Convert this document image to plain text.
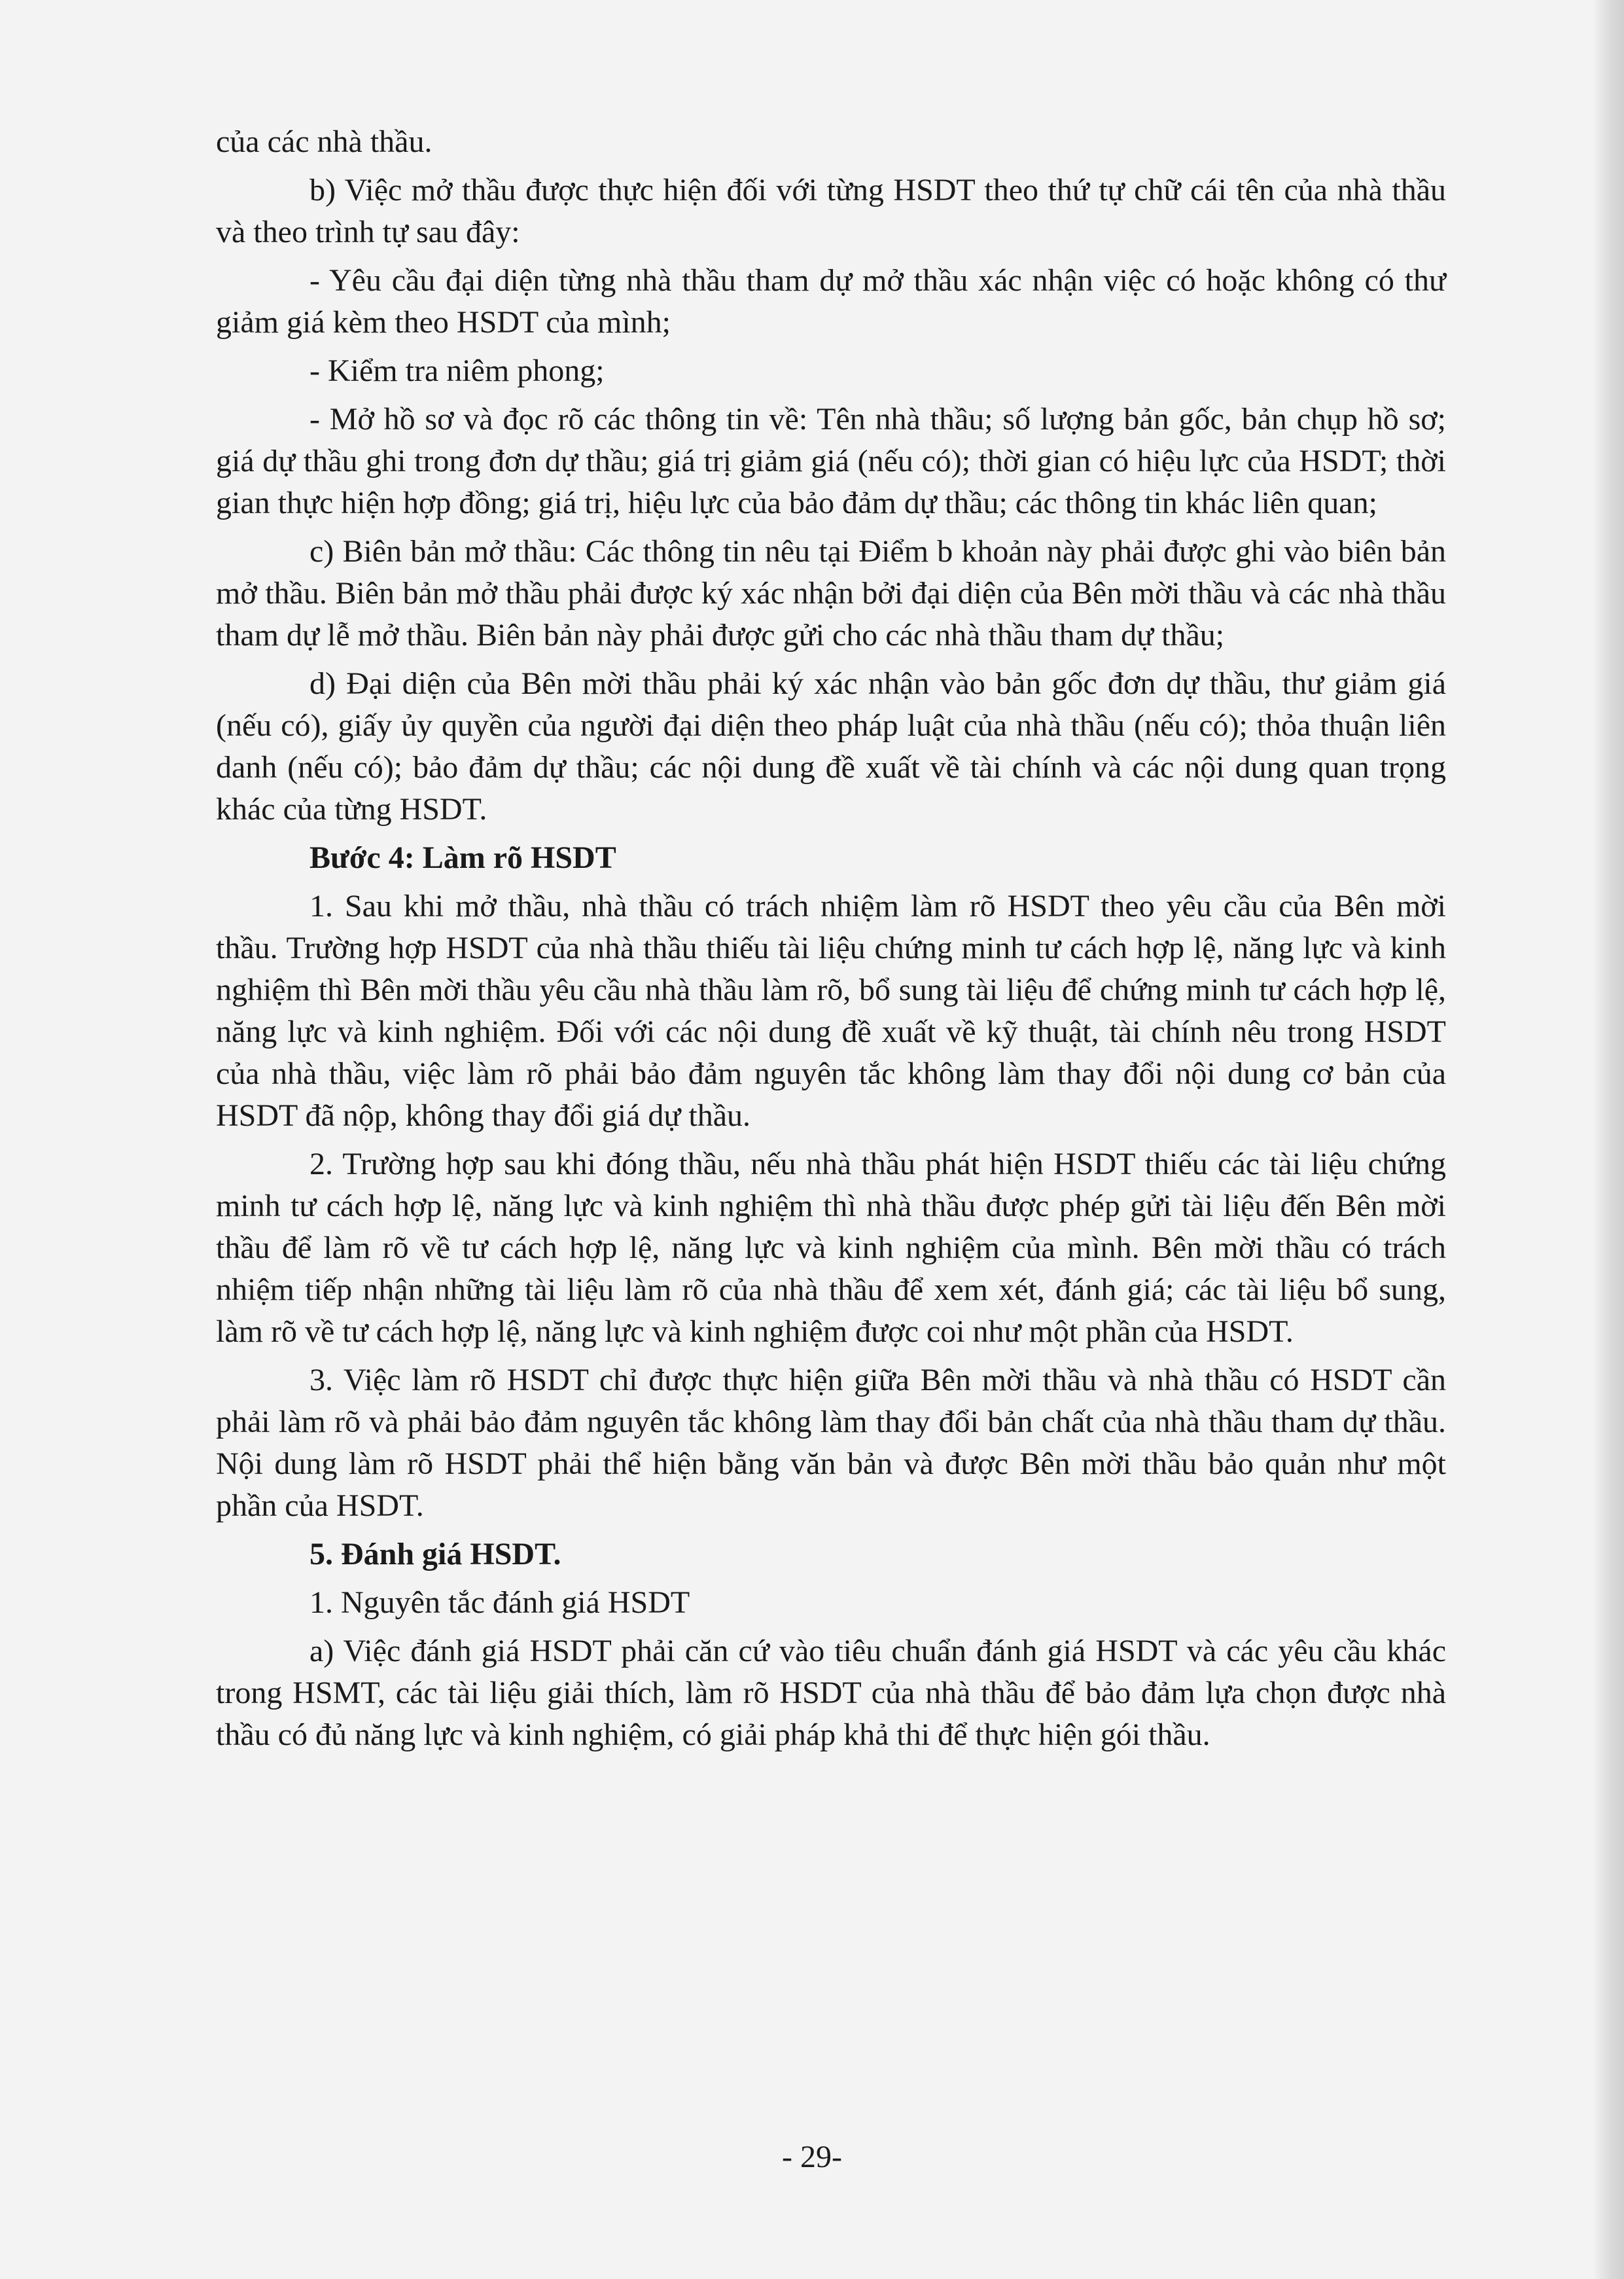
của các nhà thầu.

b) Việc mở thầu được thực hiện đối với từng HSDT theo thứ tự chữ cái tên của nhà thầu và theo trình tự sau đây:

- Yêu cầu đại diện từng nhà thầu tham dự mở thầu xác nhận việc có hoặc không có thư giảm giá kèm theo HSDT của mình;

- Kiểm tra niêm phong;

- Mở hồ sơ và đọc rõ các thông tin về: Tên nhà thầu; số lượng bản gốc, bản chụp hồ sơ; giá dự thầu ghi trong đơn dự thầu; giá trị giảm giá (nếu có); thời gian có hiệu lực của HSDT; thời gian thực hiện hợp đồng; giá trị, hiệu lực của bảo đảm dự thầu; các thông tin khác liên quan;

c) Biên bản mở thầu: Các thông tin nêu tại Điểm b khoản này phải được ghi vào biên bản mở thầu. Biên bản mở thầu phải được ký xác nhận bởi đại diện của Bên mời thầu và các nhà thầu tham dự lễ mở thầu. Biên bản này phải được gửi cho các nhà thầu tham dự thầu;

d) Đại diện của Bên mời thầu phải ký xác nhận vào bản gốc đơn dự thầu, thư giảm giá (nếu có), giấy ủy quyền của người đại diện theo pháp luật của nhà thầu (nếu có); thỏa thuận liên danh (nếu có); bảo đảm dự thầu; các nội dung đề xuất về tài chính và các nội dung quan trọng khác của từng HSDT.

Bước 4: Làm rõ HSDT

1. Sau khi mở thầu, nhà thầu có trách nhiệm làm rõ HSDT theo yêu cầu của Bên mời thầu. Trường hợp HSDT của nhà thầu thiếu tài liệu chứng minh tư cách hợp lệ, năng lực và kinh nghiệm thì Bên mời thầu yêu cầu nhà thầu làm rõ, bổ sung tài liệu để chứng minh tư cách hợp lệ, năng lực và kinh nghiệm. Đối với các nội dung đề xuất về kỹ thuật, tài chính nêu trong HSDT của nhà thầu, việc làm rõ phải bảo đảm nguyên tắc không làm thay đổi nội dung cơ bản của HSDT đã nộp, không thay đổi giá dự thầu.

2. Trường hợp sau khi đóng thầu, nếu nhà thầu phát hiện HSDT thiếu các tài liệu chứng minh tư cách hợp lệ, năng lực và kinh nghiệm thì nhà thầu được phép gửi tài liệu đến Bên mời thầu để làm rõ về tư cách hợp lệ, năng lực và kinh nghiệm của mình. Bên mời thầu có trách nhiệm tiếp nhận những tài liệu làm rõ của nhà thầu để xem xét, đánh giá; các tài liệu bổ sung, làm rõ về tư cách hợp lệ, năng lực và kinh nghiệm được coi như một phần của HSDT.

3. Việc làm rõ HSDT chỉ được thực hiện giữa Bên mời thầu và nhà thầu có HSDT cần phải làm rõ và phải bảo đảm nguyên tắc không làm thay đổi bản chất của nhà thầu tham dự thầu. Nội dung làm rõ HSDT phải thể hiện bằng văn bản và được Bên mời thầu bảo quản như một phần của HSDT.

5. Đánh giá HSDT.

1. Nguyên tắc đánh giá HSDT

a) Việc đánh giá HSDT phải căn cứ vào tiêu chuẩn đánh giá HSDT và các yêu cầu khác trong HSMT, các tài liệu giải thích, làm rõ HSDT của nhà thầu để bảo đảm lựa chọn được nhà thầu có đủ năng lực và kinh nghiệm, có giải pháp khả thi để thực hiện gói thầu.

- 29-
